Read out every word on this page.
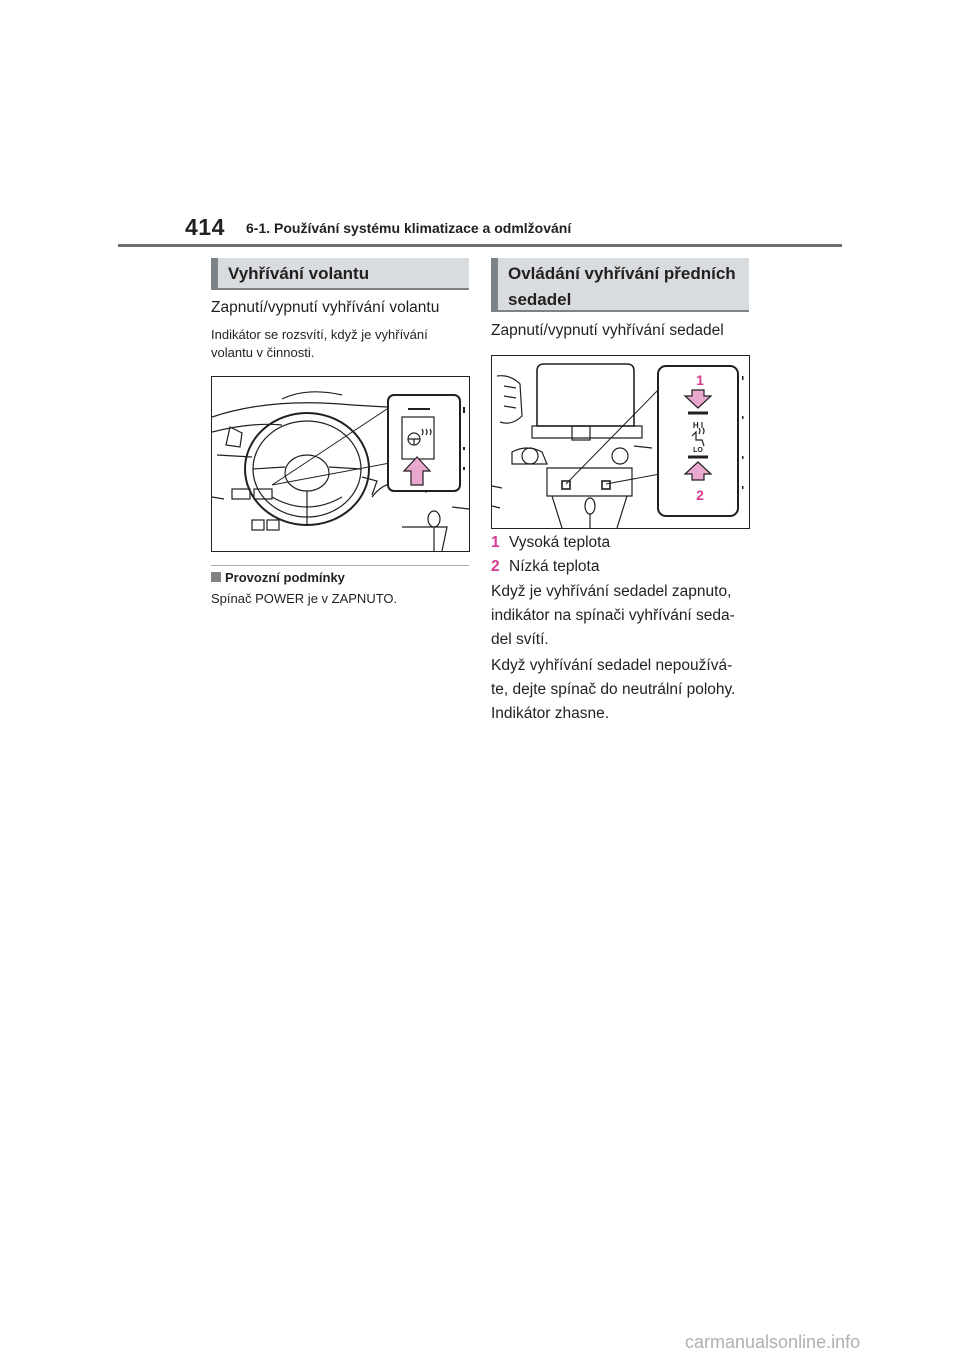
414 6-1. Používání systému klimatizace a odmlžování
Vyhřívání volantu
Zapnutí/vypnutí vyhřívání volantu
Indikátor se rozsvítí, když je vyhřívání
volantu v činnosti.
Provozní podmínky
Spínač POWER je v ZAPNUTO.
Ovládání vyhřívání předních
sedadel
Zapnutí/vypnutí vyhřívání sedadel
H I
LO
1
2
1 Vysoká teplota
2 Nízká teplota
Když je vyhřívání sedadel zapnuto,
indikátor na spínači vyhřívání seda-
del svítí.
Když vyhřívání sedadel nepoužívá-
te, dejte spínač do neutrální polohy.
Indikátor zhasne.
carmanualsonline.info
